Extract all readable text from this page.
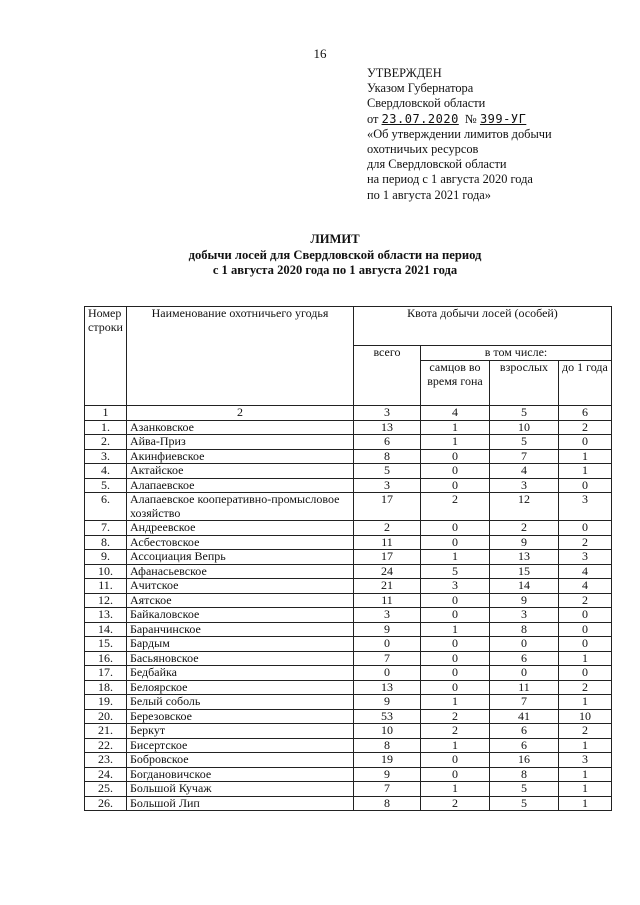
16
УТВЕРЖДЕН
Указом Губернатора
Свердловской области
от 23.07.2020 № 399-УГ
«Об утверждении лимитов добычи
охотничьих ресурсов
для Свердловской области
на период с 1 августа 2020 года
по 1 августа 2021 года»
ЛИМИТ
добычи лосей для Свердловской области на период
с 1 августа 2020 года по 1 августа 2021 года
Номер строки	Наименование охотничьего угодья	Квота добычи лосей (особей)			
		всего	в том числе:		
			самцов во время гона	взрослых	до 1 года
1	2	3	4	5	6
1.	Азанковское	13	1	10	2
2.	Айва-Приз	6	1	5	0
3.	Акинфиевское	8	0	7	1
4.	Актайское	5	0	4	1
5.	Алапаевское	3	0	3	0
6.	Алапаевское кооперативно-промысловое хозяйство	17	2	12	3
7.	Андреевское	2	0	2	0
8.	Асбестовское	11	0	9	2
9.	Ассоциация Вепрь	17	1	13	3
10.	Афанасьевское	24	5	15	4
11.	Ачитское	21	3	14	4
12.	Аятское	11	0	9	2
13.	Байкаловское	3	0	3	0
14.	Баранчинское	9	1	8	0
15.	Бардым	0	0	0	0
16.	Басьяновское	7	0	6	1
17.	Бедбайка	0	0	0	0
18.	Белоярское	13	0	11	2
19.	Белый соболь	9	1	7	1
20.	Березовское	53	2	41	10
21.	Беркут	10	2	6	2
22.	Бисертское	8	1	6	1
23.	Бобровское	19	0	16	3
24.	Богдановичское	9	0	8	1
25.	Большой Кучаж	7	1	5	1
26.	Большой Лип	8	2	5	1
